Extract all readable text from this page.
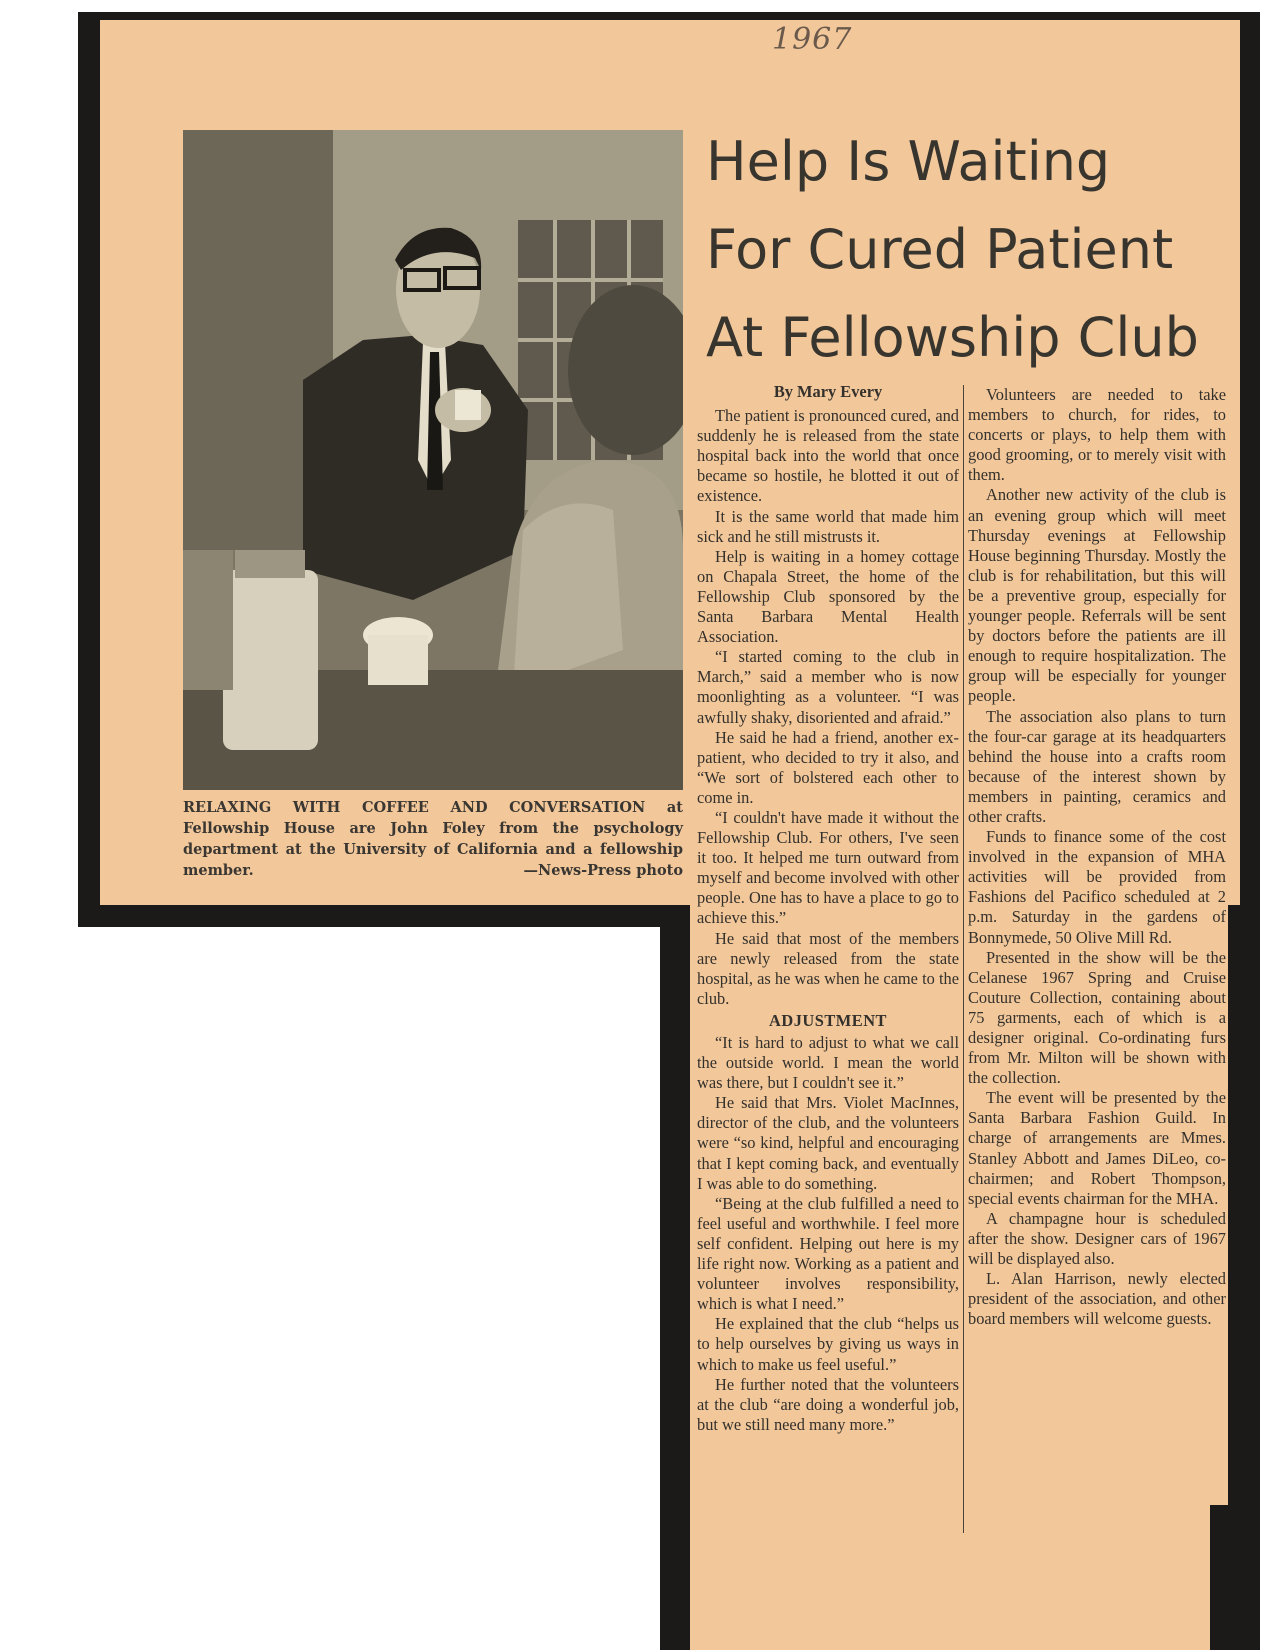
1967

RELAXING WITH COFFEE AND CONVERSATION at Fellowship House are John Foley from the psychology department at the University of California and a fellowship member.	—News-Press photo

Help Is Waiting
For Cured Patient
At Fellowship Club

By Mary Every

The patient is pronounced cured, and suddenly he is released from the state hospital back into the world that once became so hostile, he blotted it out of existence.

It is the same world that made him sick and he still mistrusts it.

Help is waiting in a homey cottage on Chapala Street, the home of the Fellowship Club sponsored by the Santa Barbara Mental Health Association.

“I started coming to the club in March,” said a member who is now moonlighting as a volunteer. “I was awfully shaky, disoriented and afraid.”

He said he had a friend, another ex-patient, who decided to try it also, and “We sort of bolstered each other to come in.

“I couldn't have made it without the Fellowship Club. For others, I've seen it too. It helped me turn outward from myself and become involved with other people. One has to have a place to go to achieve this.”

He said that most of the members are newly released from the state hospital, as he was when he came to the club.

ADJUSTMENT

“It is hard to adjust to what we call the outside world. I mean the world was there, but I couldn't see it.”

He said that Mrs. Violet MacInnes, director of the club, and the volunteers were “so kind, helpful and encouraging that I kept coming back, and eventually I was able to do something.

“Being at the club fulfilled a need to feel useful and worthwhile. I feel more self confident. Helping out here is my life right now. Working as a patient and volunteer involves responsibility, which is what I need.”

He explained that the club “helps us to help ourselves by giving us ways in which to make us feel useful.”

He further noted that the volunteers at the club “are doing a wonderful job, but we still need many more.”

Volunteers are needed to take members to church, for rides, to concerts or plays, to help them with good grooming, or to merely visit with them.

Another new activity of the club is an evening group which will meet Thursday evenings at Fellowship House beginning Thursday. Mostly the club is for rehabilitation, but this will be a preventive group, especially for younger people. Referrals will be sent by doctors before the patients are ill enough to require hospitalization. The group will be especially for younger people.

The association also plans to turn the four-car garage at its headquarters behind the house into a crafts room because of the interest shown by members in painting, ceramics and other crafts.

Funds to finance some of the cost involved in the expansion of MHA activities will be provided from Fashions del Pacifico scheduled at 2 p.m. Saturday in the gardens of Bonnymede, 50 Olive Mill Rd.

Presented in the show will be the Celanese 1967 Spring and Cruise Couture Collection, containing about 75 garments, each of which is a designer original. Co-ordinating furs from Mr. Milton will be shown with the collection.

The event will be presented by the Santa Barbara Fashion Guild. In charge of arrangements are Mmes. Stanley Abbott and James DiLeo, co-chairmen; and Robert Thompson, special events chairman for the MHA.

A champagne hour is scheduled after the show. Designer cars of 1967 will be displayed also.

L. Alan Harrison, newly elected president of the association, and other board members will welcome guests.
